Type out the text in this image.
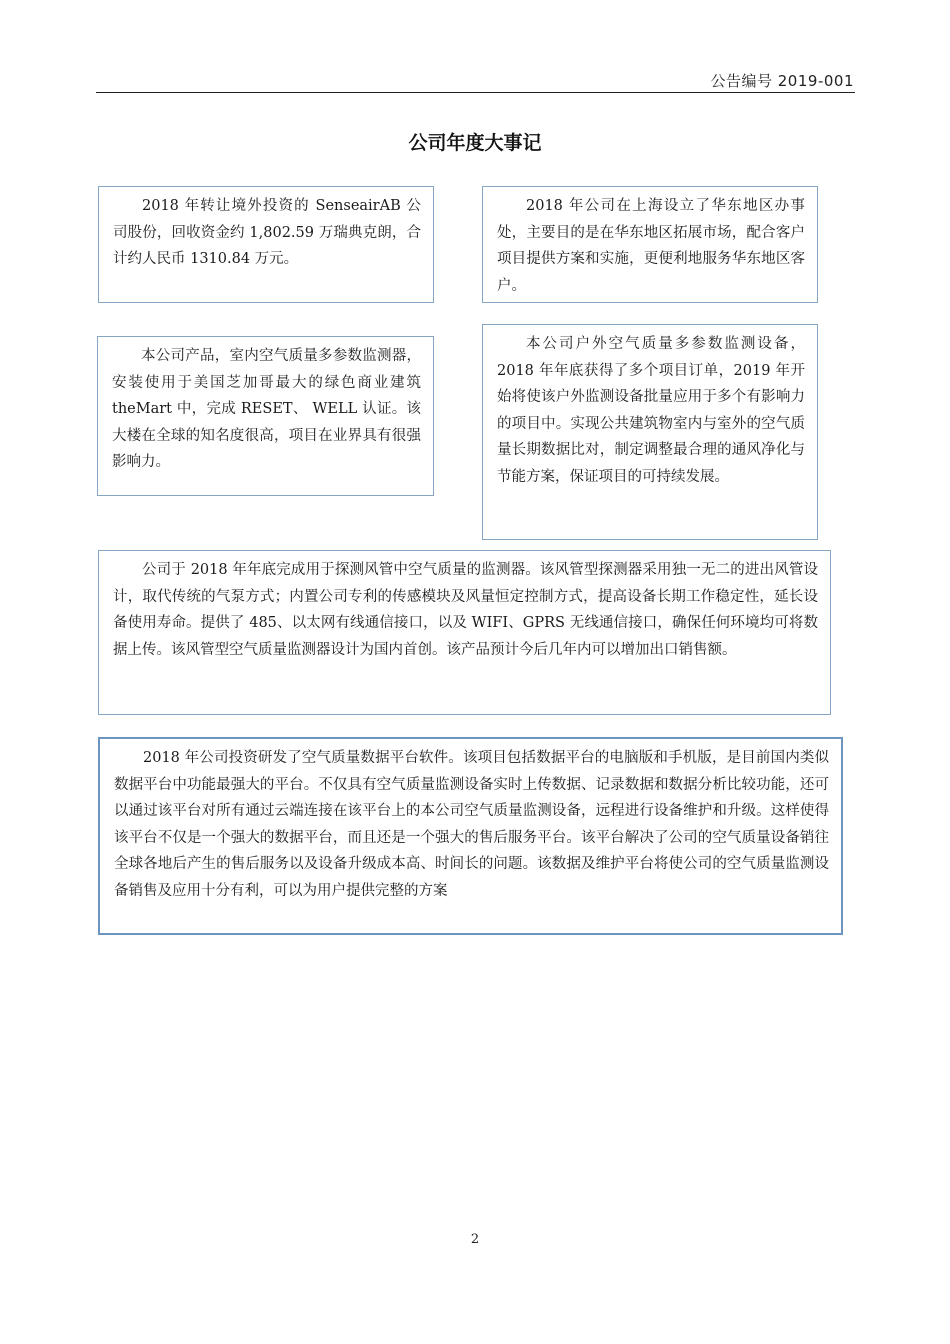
公告编号 2019-001
公司年度大事记

2018 年转让境外投资的 SenseairAB 公司股份，回收资金约 1,802.59 万瑞典克朗，合计约人民币 1310.84 万元。

2018 年公司在上海设立了华东地区办事处，主要目的是在华东地区拓展市场，配合客户项目提供方案和实施，更便利地服务华东地区客户。

本公司产品，室内空气质量多参数监测器，安装使用于美国芝加哥最大的绿色商业建筑 theMart 中，完成 RESET、 WELL 认证。该大楼在全球的知名度很高，项目在业界具有很强影响力。

本公司户外空气质量多参数监测设备，2018 年年底获得了多个项目订单，2019 年开始将使该户外监测设备批量应用于多个有影响力的项目中。实现公共建筑物室内与室外的空气质量长期数据比对，制定调整最合理的通风净化与节能方案，保证项目的可持续发展。

公司于 2018 年年底完成用于探测风管中空气质量的监测器。该风管型探测器采用独一无二的进出风管设计，取代传统的气泵方式；内置公司专利的传感模块及风量恒定控制方式，提高设备长期工作稳定性，延长设备使用寿命。提供了 485、以太网有线通信接口，以及 WIFI、GPRS 无线通信接口，确保任何环境均可将数据上传。该风管型空气质量监测器设计为国内首创。该产品预计今后几年内可以增加出口销售额。

2018 年公司投资研发了空气质量数据平台软件。该项目包括数据平台的电脑版和手机版，是目前国内类似数据平台中功能最强大的平台。不仅具有空气质量监测设备实时上传数据、记录数据和数据分析比较功能，还可以通过该平台对所有通过云端连接在该平台上的本公司空气质量监测设备，远程进行设备维护和升级。这样使得该平台不仅是一个强大的数据平台，而且还是一个强大的售后服务平台。该平台解决了公司的空气质量设备销往全球各地后产生的售后服务以及设备升级成本高、时间长的问题。该数据及维护平台将使公司的空气质量监测设备销售及应用十分有利，可以为用户提供完整的方案

2
